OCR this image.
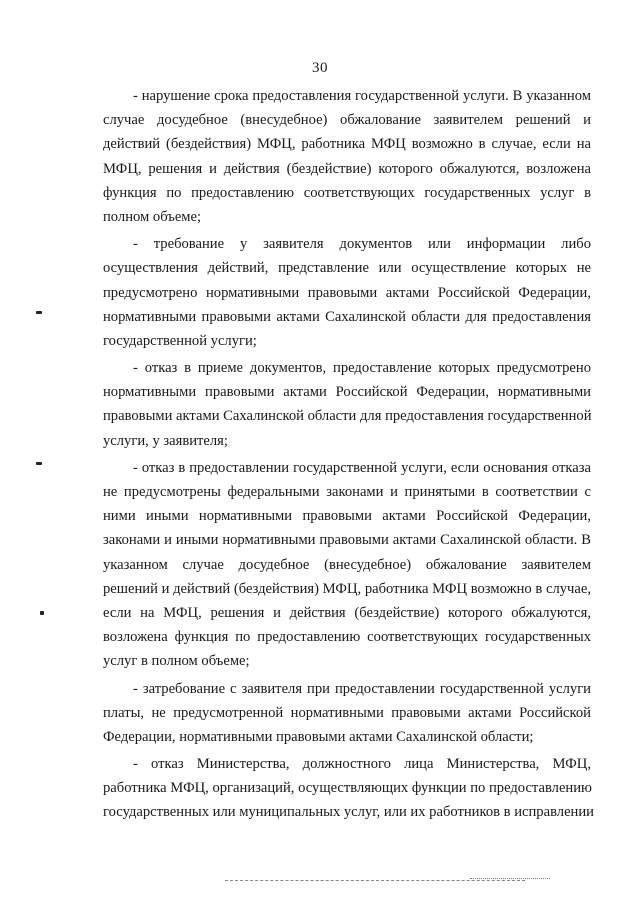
30
- нарушение срока предоставления государственной услуги. В указанном
случае досудебное (внесудебное) обжалование заявителем решений и
действий (бездействия) МФЦ, работника МФЦ возможно в случае, если на
МФЦ, решения и действия (бездействие) которого обжалуются, возложена
функция по предоставлению соответствующих государственных услуг в
полном объеме;
- требование у заявителя документов или информации либо
осуществления действий, представление или осуществление которых не
предусмотрено нормативными правовыми актами Российской Федерации,
нормативными правовыми актами Сахалинской области для предоставления
государственной услуги;
- отказ в приеме документов, предоставление которых предусмотрено
нормативными правовыми актами Российской Федерации, нормативными
правовыми актами Сахалинской области для предоставления государственной
услуги, у заявителя;
- отказ в предоставлении государственной услуги, если основания отказа
не предусмотрены федеральными законами и принятыми в соответствии с
ними иными нормативными правовыми актами Российской Федерации,
законами и иными нормативными правовыми актами Сахалинской области. В
указанном случае досудебное (внесудебное) обжалование заявителем
решений и действий (бездействия) МФЦ, работника МФЦ возможно в случае,
если на МФЦ, решения и действия (бездействие) которого обжалуются,
возложена функция по предоставлению соответствующих государственных
услуг в полном объеме;
- затребование с заявителя при предоставлении государственной услуги
платы, не предусмотренной нормативными правовыми актами Российской
Федерации, нормативными правовыми актами Сахалинской области;
- отказ Министерства, должностного лица Министерства, МФЦ,
работника МФЦ, организаций, осуществляющих функции по предоставлению
государственных или муниципальных услуг, или их работников в исправлении
